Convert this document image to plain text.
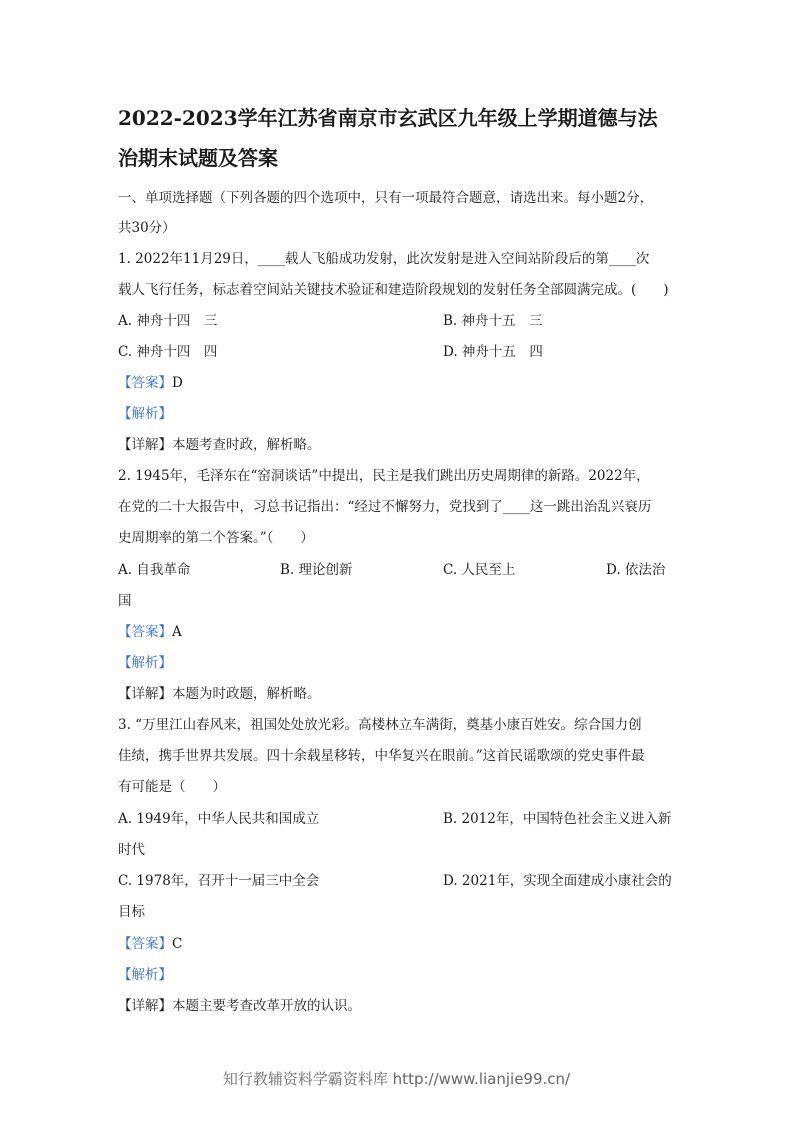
2022-2023学年江苏省南京市玄武区九年级上学期道德与法
治期末试题及答案
一、单项选择题（下列各题的四个选项中，只有一项最符合题意，请选出来。每小题2分，
共30分）
1. 2022年11月29日，____载人飞船成功发射，此次发射是进入空间站阶段后的第____次
载人飞行任务，标志着空间站关键技术验证和建造阶段规划的发射任务全部圆满完成。(　　)
A. 神舟十四　三	B. 神舟十五　三
C. 神舟十四　四	D. 神舟十五　四
【答案】D
【解析】
【详解】本题考查时政，解析略。
2. 1945年，毛泽东在“窑洞谈话”中提出，民主是我们跳出历史周期律的新路。2022年，
在党的二十大报告中，习总书记指出：“经过不懈努力，党找到了____这一跳出治乱兴衰历
史周期率的第二个答案。”（　　）
A. 自我革命	B. 理论创新	C. 人民至上	D. 依法治
国
【答案】A
【解析】
【详解】本题为时政题，解析略。
3. “万里江山春风来，祖国处处放光彩。高楼林立车满街，奠基小康百姓安。综合国力创
佳绩，携手世界共发展。四十余载星移转，中华复兴在眼前。”这首民谣歌颂的党史事件最
有可能是（　　）
A. 1949年，中华人民共和国成立	B. 2012年，中国特色社会主义进入新
时代
C. 1978年，召开十一届三中全会	D. 2021年，实现全面建成小康社会的
目标
【答案】C
【解析】
【详解】本题主要考查改革开放的认识。
知行教辅资料学霸资料库 http://www.lianjie99.cn/
